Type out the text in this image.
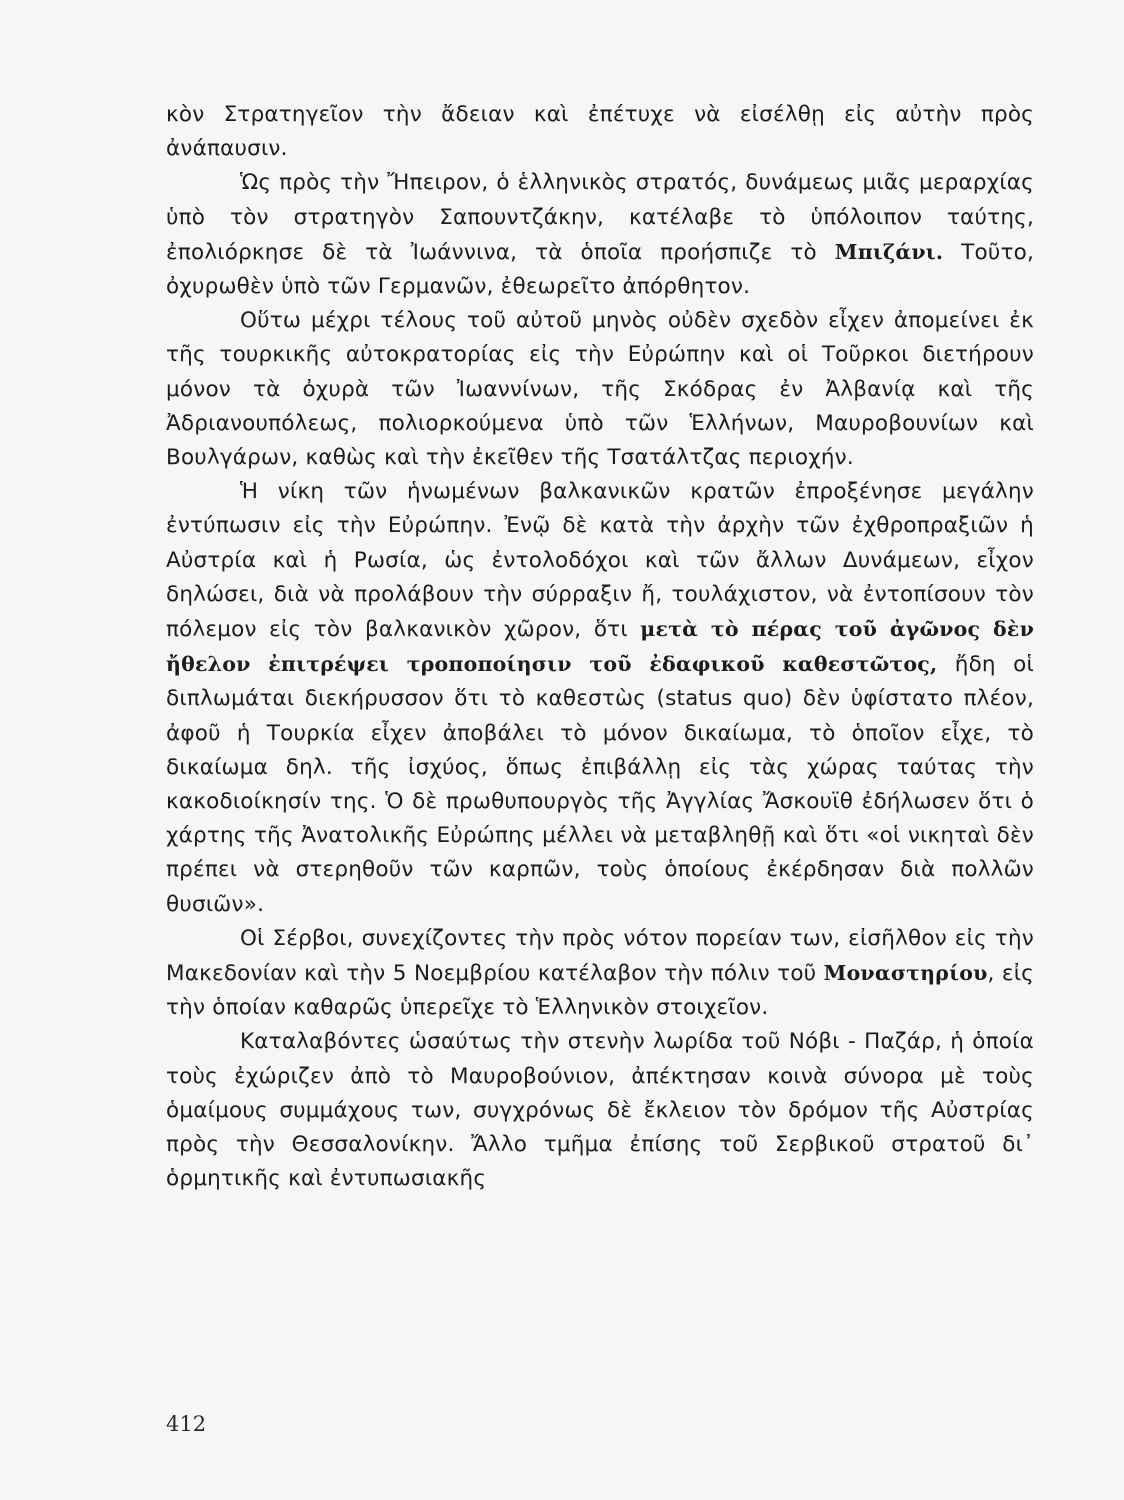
κὸν Στρατηγεῖον τὴν ἄδειαν καὶ ἐπέτυχε νὰ εἰσέλθῃ εἰς αὐτὴν πρὸς ἀνάπαυσιν.

Ὡς πρὸς τὴν Ἤπειρον, ὁ ἑλληνικὸς στρατός, δυνάμεως μιᾶς μεραρχίας ὑπὸ τὸν στρατηγὸν Σαπουντζάκην, κατέλαβε τὸ ὑπόλοιπον ταύτης, ἐπολιόρκησε δὲ τὰ Ἰωάννινα, τὰ ὁποῖα προήσπιζε τὸ Μπιζάνι. Τοῦτο, ὀχυρωθὲν ὑπὸ τῶν Γερμανῶν, ἐθεωρεῖτο ἀπόρθητον.

Οὕτω μέχρι τέλους τοῦ αὐτοῦ μηνὸς οὐδὲν σχεδὸν εἶχεν ἀπομείνει ἐκ τῆς τουρκικῆς αὐτοκρατορίας εἰς τὴν Εὐρώπην καὶ οἱ Τοῦρκοι διετήρουν μόνον τὰ ὀχυρὰ τῶν Ἰωαννίνων, τῆς Σκόδρας ἐν Ἀλβανίᾳ καὶ τῆς Ἀδριανουπόλεως, πολιορκούμενα ὑπὸ τῶν Ἑλλήνων, Μαυροβουνίων καὶ Βουλγάρων, καθὼς καὶ τὴν ἐκεῖθεν τῆς Τσατάλτζας περιοχήν.

Ἡ νίκη τῶν ἡνωμένων βαλκανικῶν κρατῶν ἐπροξένησε μεγάλην ἐντύπωσιν εἰς τὴν Εὐρώπην. Ἐνῷ δὲ κατὰ τὴν ἀρχὴν τῶν ἐχθροπραξιῶν ἡ Αὐστρία καὶ ἡ Ρωσία, ὡς ἐντολοδόχοι καὶ τῶν ἄλλων Δυνάμεων, εἶχον δηλώσει, διὰ νὰ προλάβουν τὴν σύρραξιν ἤ, τουλάχιστον, νὰ ἐντοπίσουν τὸν πόλεμον εἰς τὸν βαλκανικὸν χῶρον, ὅτι μετὰ τὸ πέρας τοῦ ἀγῶνος δὲν ἤθελον ἐπιτρέψει τροποποίησιν τοῦ ἐδαφικοῦ καθεστῶτος, ἤδη οἱ διπλωμάται διεκήρυσσον ὅτι τὸ καθεστὼς (status quo) δὲν ὑφίστατο πλέον, ἀφοῦ ἡ Τουρκία εἶχεν ἀποβάλει τὸ μόνον δικαίωμα, τὸ ὁποῖον εἶχε, τὸ δικαίωμα δηλ. τῆς ἰσχύος, ὅπως ἐπιβάλλῃ εἰς τὰς χώρας ταύτας τὴν κακοδιοίκησίν της. Ὁ δὲ πρωθυπουργὸς τῆς Ἀγγλίας Ἄσκουϊθ ἐδήλωσεν ὅτι ὁ χάρτης τῆς Ἀνατολικῆς Εὐρώπης μέλλει νὰ μεταβληθῇ καὶ ὅτι «οἱ νικηταὶ δὲν πρέπει νὰ στερηθοῦν τῶν καρπῶν, τοὺς ὁποίους ἐκέρδησαν διὰ πολλῶν θυσιῶν».

Οἱ Σέρβοι, συνεχίζοντες τὴν πρὸς νότον πορείαν των, εἰσῆλθον εἰς τὴν Μακεδονίαν καὶ τὴν 5 Νοεμβρίου κατέλαβον τὴν πόλιν τοῦ Μοναστηρίου, εἰς τὴν ὁποίαν καθαρῶς ὑπερεῖχε τὸ Ἑλληνικὸν στοιχεῖον.

Καταλαβόντες ὡσαύτως τὴν στενὴν λωρίδα τοῦ Νόβι - Παζάρ, ἡ ὁποία τοὺς ἐχώριζεν ἀπὸ τὸ Μαυροβούνιον, ἀπέκτησαν κοινὰ σύνορα μὲ τοὺς ὁμαίμους συμμάχους των, συγχρόνως δὲ ἔκλειον τὸν δρόμον τῆς Αὐστρίας πρὸς τὴν Θεσσαλονίκην. Ἄλλο τμῆμα ἐπίσης τοῦ Σερβικοῦ στρατοῦ δι᾽ ὁρμητικῆς καὶ ἐντυπωσιακῆς

412
